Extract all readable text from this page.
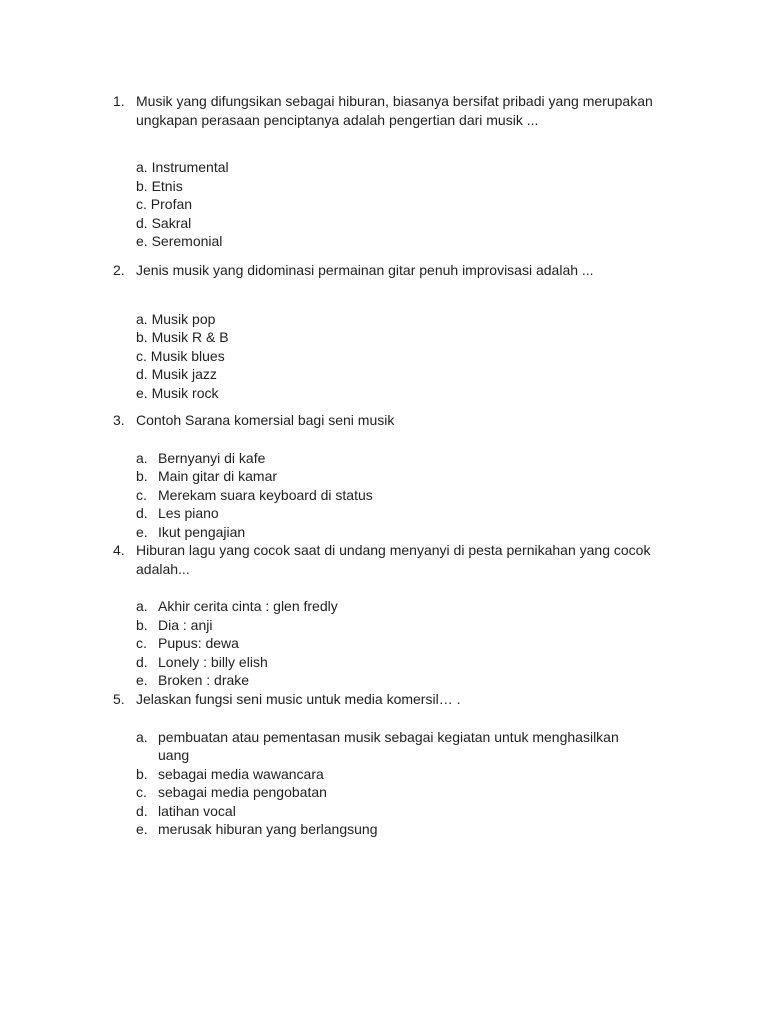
1. Musik yang difungsikan sebagai hiburan, biasanya bersifat pribadi yang merupakan ungkapan perasaan penciptanya adalah pengertian dari musik ...
a. Instrumental
b. Etnis
c. Profan
d. Sakral
e. Seremonial
2. Jenis musik yang didominasi permainan gitar penuh improvisasi adalah ...
a. Musik pop
b. Musik R & B
c. Musik blues
d. Musik jazz
e. Musik rock
3. Contoh Sarana komersial bagi seni musik
a. Bernyanyi di kafe
b. Main gitar di kamar
c. Merekam suara keyboard di status
d. Les piano
e. Ikut pengajian
4. Hiburan lagu yang cocok saat di undang menyanyi di pesta pernikahan yang cocok adalah...
a. Akhir cerita cinta : glen fredly
b. Dia : anji
c. Pupus: dewa
d. Lonely : billy elish
e. Broken : drake
5. Jelaskan fungsi seni music untuk media komersil… .
a. pembuatan atau pementasan musik sebagai kegiatan untuk menghasilkan uang
b. sebagai media wawancara
c. sebagai media pengobatan
d. latihan vocal
e. merusak hiburan yang berlangsung
